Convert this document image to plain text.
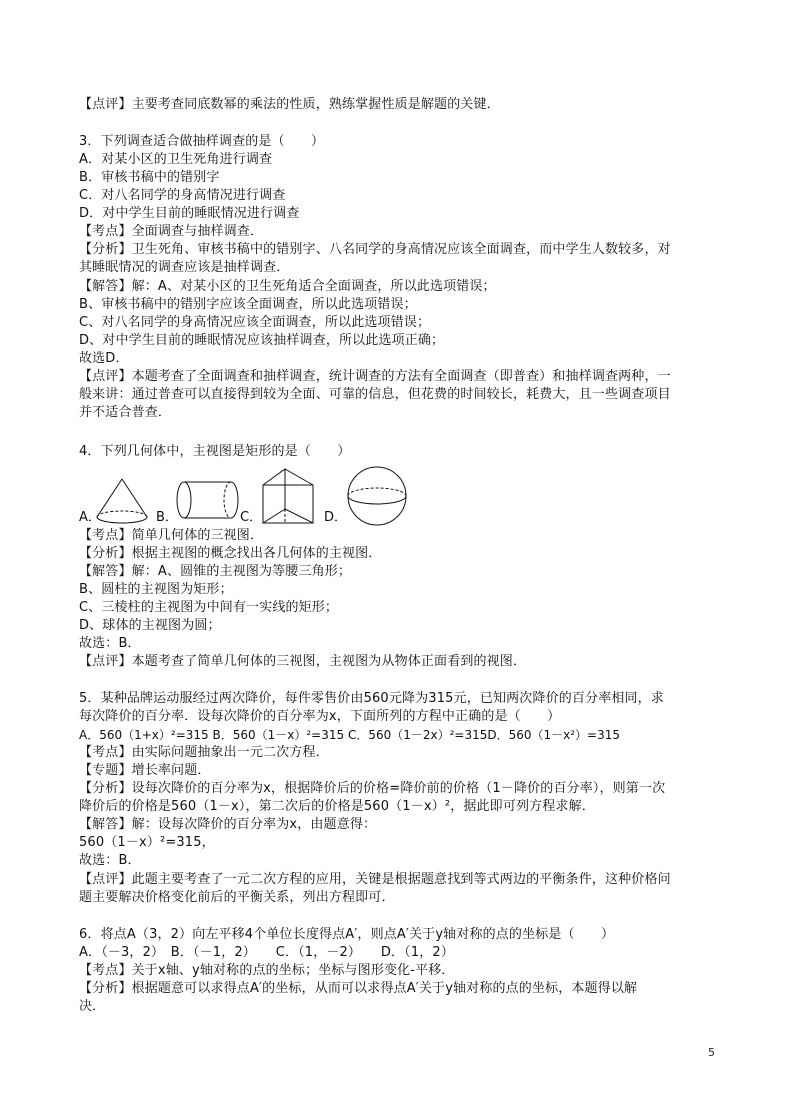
【点评】主要考查同底数幂的乘法的性质，熟练掌握性质是解题的关键．
3．下列调查适合做抽样调查的是（　　）
A．对某小区的卫生死角进行调查
B．审核书稿中的错别字
C．对八名同学的身高情况进行调查
D．对中学生目前的睡眠情况进行调查
【考点】全面调查与抽样调查．
【分析】卫生死角、审核书稿中的错别字、八名同学的身高情况应该全面调查，而中学生人数较多，对
其睡眠情况的调查应该是抽样调查．
【解答】解：A、对某小区的卫生死角适合全面调查，所以此选项错误；
B、审核书稿中的错别字应该全面调查，所以此选项错误；
C、对八名同学的身高情况应该全面调查，所以此选项错误；
D、对中学生目前的睡眠情况应该抽样调查，所以此选项正确；
故选D．
【点评】本题考查了全面调查和抽样调查，统计调查的方法有全面调查（即普查）和抽样调查两种，一
般来讲：通过普查可以直接得到较为全面、可靠的信息，但花费的时间较长，耗费大，且一些调查项目
并不适合普查．
4．下列几何体中，主视图是矩形的是（　　）
A．	B．	C．	D．
【考点】简单几何体的三视图．
【分析】根据主视图的概念找出各几何体的主视图．
【解答】解：A、圆锥的主视图为等腰三角形；
B、圆柱的主视图为矩形；
C、三棱柱的主视图为中间有一实线的矩形；
D、球体的主视图为圆；
故选：B．
【点评】本题考查了简单几何体的三视图，主视图为从物体正面看到的视图．
5．某种品牌运动服经过两次降价，每件零售价由560元降为315元，已知两次降价的百分率相同，求
每次降价的百分率．设每次降价的百分率为x，下面所列的方程中正确的是（　　）
A．560（1+x）²=315 B．560（1－x）²=315 C．560（1－2x）²=315D．560（1－x²）=315
【考点】由实际问题抽象出一元二次方程．
【专题】增长率问题．
【分析】设每次降价的百分率为x，根据降价后的价格=降价前的价格（1－降价的百分率），则第一次
降价后的价格是560（1－x），第二次后的价格是560（1－x）²，据此即可列方程求解．
【解答】解：设每次降价的百分率为x，由题意得：
560（1－x）²=315，
故选：B．
【点评】此题主要考查了一元二次方程的应用，关键是根据题意找到等式两边的平衡条件，这种价格问
题主要解决价格变化前后的平衡关系，列出方程即可．
6．将点A（3，2）向左平移4个单位长度得点A′，则点A′关于y轴对称的点的坐标是（　　）
A．（－3，2）　B．（－1，2）　　C．（1，－2）　　D．（1，2）
【考点】关于x轴、y轴对称的点的坐标；坐标与图形变化-平移．
【分析】根据题意可以求得点A′的坐标，从而可以求得点A′关于y轴对称的点的坐标，本题得以解
决．
5
